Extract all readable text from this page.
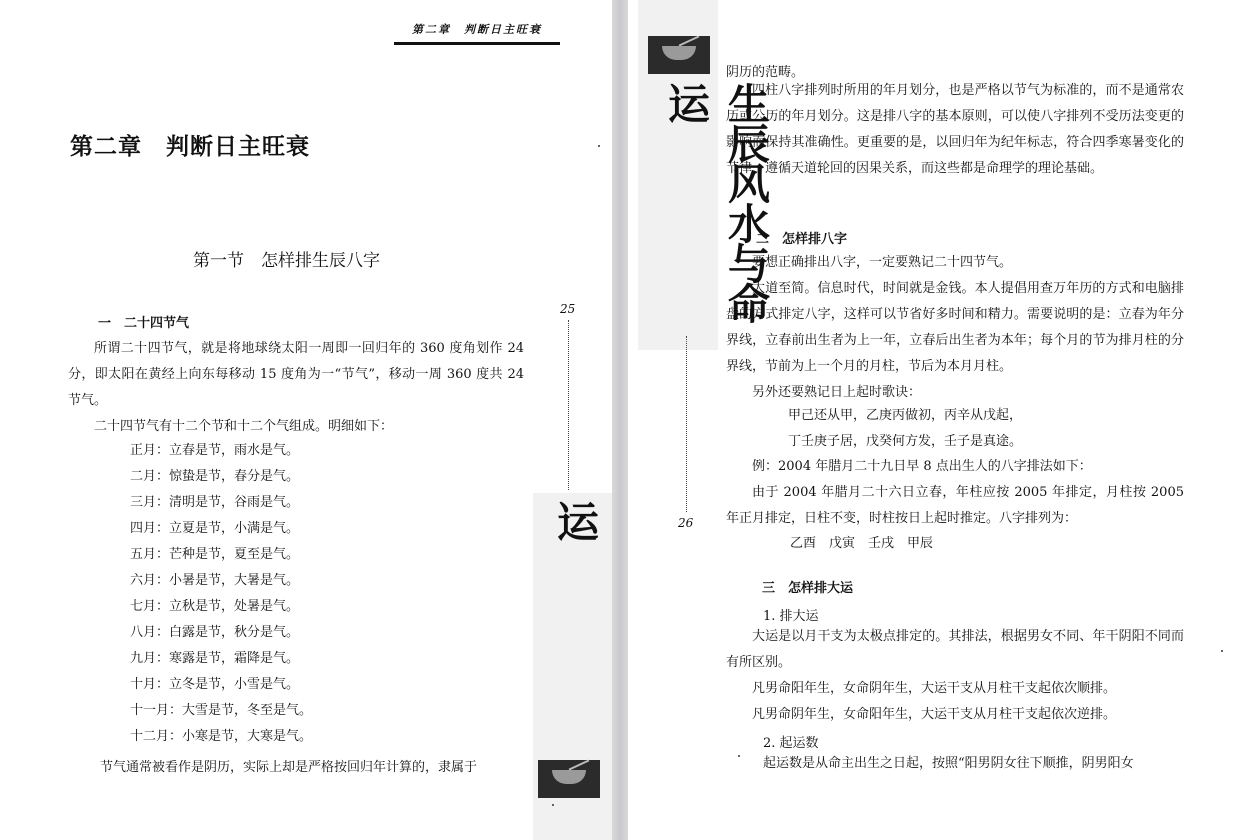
第二章　判断日主旺衰
第二章　判断日主旺衰
第一节　怎样排生辰八字
一　二十四节气
所谓二十四节气，就是将地球绕太阳一周即一回归年的 360 度角划作 24 分，即太阳在黄经上向东每移动 15 度角为一“节气”，移动一周 360 度共 24 节气。
二十四节气有十二个节和十二个气组成。明细如下：
正月：立春是节，雨水是气。
二月：惊蛰是节，春分是气。
三月：清明是节，谷雨是气。
四月：立夏是节，小满是气。
五月：芒种是节，夏至是气。
六月：小暑是节，大暑是气。
七月：立秋是节，处暑是气。
八月：白露是节，秋分是气。
九月：寒露是节，霜降是气。
十月：立冬是节，小雪是气。
十一月：大雪是节，冬至是气。
十二月：小寒是节，大寒是气。
节气通常被看作是阴历，实际上却是严格按回归年计算的，隶属于
25
运
生辰风水与命运
26
阴历的范畴。
四柱八字排列时所用的年月划分，也是严格以节气为标准的，而不是通常农历或公历的年月划分。这是排八字的基本原则，可以使八字排列不受历法变更的影响而保持其准确性。更重要的是，以回归年为纪年标志，符合四季寒暑变化的节律，遵循天道轮回的因果关系，而这些都是命理学的理论基础。
二　怎样排八字
要想正确排出八字，一定要熟记二十四节气。
大道至简。信息时代，时间就是金钱。本人提倡用查万年历的方式和电脑排盘的方式排定八字，这样可以节省好多时间和精力。需要说明的是：立春为年分界线，立春前出生者为上一年，立春后出生者为本年；每个月的节为排月柱的分界线，节前为上一个月的月柱，节后为本月月柱。
另外还要熟记日上起时歌诀：
甲己还从甲，乙庚丙做初，丙辛从戊起，
丁壬庚子居，戊癸何方发，壬子是真途。
例：2004 年腊月二十九日早 8 点出生人的八字排法如下：
由于 2004 年腊月二十六日立春，年柱应按 2005 年排定，月柱按 2005 年正月排定，日柱不变，时柱按日上起时推定。八字排列为：
乙酉　戊寅　壬戌　甲辰
三　怎样排大运
1. 排大运
大运是以月干支为太极点排定的。其排法，根据男女不同、年干阴阳不同而有所区别。
凡男命阳年生，女命阴年生，大运干支从月柱干支起依次顺排。
凡男命阴年生，女命阳年生，大运干支从月柱干支起依次逆排。
2. 起运数
起运数是从命主出生之日起，按照“阳男阴女往下顺推，阴男阳女
